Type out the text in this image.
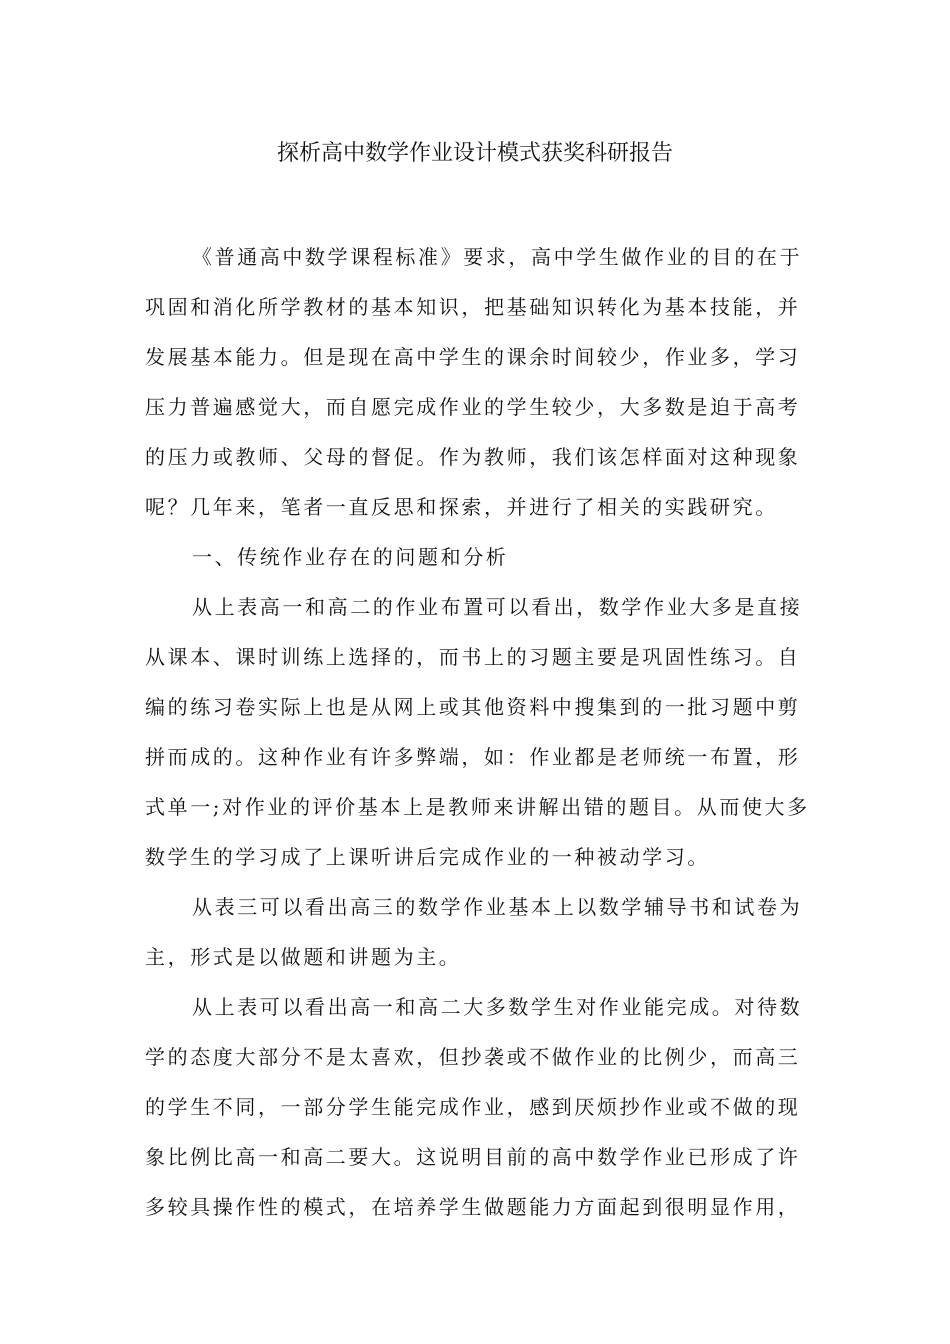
探析高中数学作业设计模式获奖科研报告

《普通高中数学课程标准》要求，高中学生做作业的目的在于
巩固和消化所学教材的基本知识，把基础知识转化为基本技能，并
发展基本能力。但是现在高中学生的课余时间较少，作业多，学习
压力普遍感觉大，而自愿完成作业的学生较少，大多数是迫于高考
的压力或教师、父母的督促。作为教师，我们该怎样面对这种现象
呢？几年来，笔者一直反思和探索，并进行了相关的实践研究。

一、传统作业存在的问题和分析

从上表高一和高二的作业布置可以看出，数学作业大多是直接
从课本、课时训练上选择的，而书上的习题主要是巩固性练习。自
编的练习卷实际上也是从网上或其他资料中搜集到的一批习题中剪
拼而成的。这种作业有许多弊端，如：作业都是老师统一布置，形
式单一;对作业的评价基本上是教师来讲解出错的题目。从而使大多
数学生的学习成了上课听讲后完成作业的一种被动学习。

从表三可以看出高三的数学作业基本上以数学辅导书和试卷为
主，形式是以做题和讲题为主。

从上表可以看出高一和高二大多数学生对作业能完成。对待数
学的态度大部分不是太喜欢，但抄袭或不做作业的比例少，而高三
的学生不同，一部分学生能完成作业，感到厌烦抄作业或不做的现
象比例比高一和高二要大。这说明目前的高中数学作业已形成了许
多较具操作性的模式，在培养学生做题能力方面起到很明显作用，
